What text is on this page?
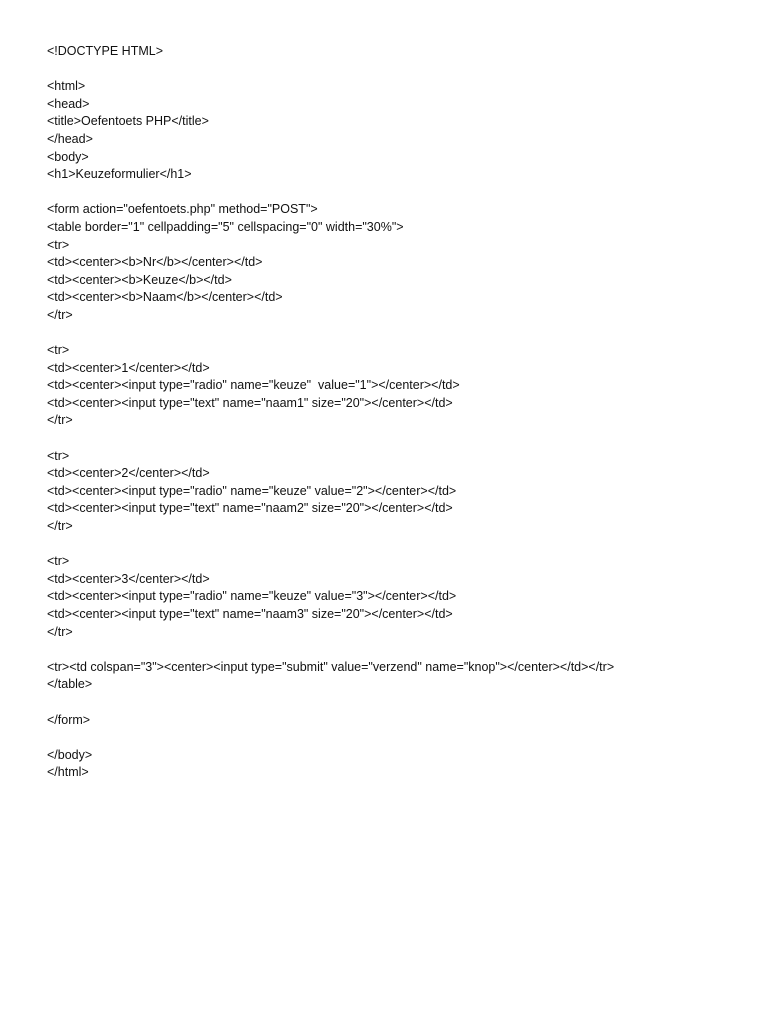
<!DOCTYPE HTML>
<html>
<head>
<title>Oefentoets PHP</title>
</head>
<body>
<h1>Keuzeformulier</h1>
<form action="oefentoets.php" method="POST">
<table border="1" cellpadding="5" cellspacing="0" width="30%">
<tr>
<td><center><b>Nr</b></center></td>
<td><center><b>Keuze</b></td>
<td><center><b>Naam</b></center></td>
</tr>
<tr>
<td><center>1</center></td>
<td><center><input type="radio" name="keuze"  value="1"></center></td>
<td><center><input type="text" name="naam1" size="20"></center></td>
</tr>
<tr>
<td><center>2</center></td>
<td><center><input type="radio" name="keuze" value="2"></center></td>
<td><center><input type="text" name="naam2" size="20"></center></td>
</tr>
<tr>
<td><center>3</center></td>
<td><center><input type="radio" name="keuze" value="3"></center></td>
<td><center><input type="text" name="naam3" size="20"></center></td>
</tr>
<tr><td colspan="3"><center><input type="submit" value="verzend" name="knop"></center></td></tr>
</table>
</form>
</body>
</html>
